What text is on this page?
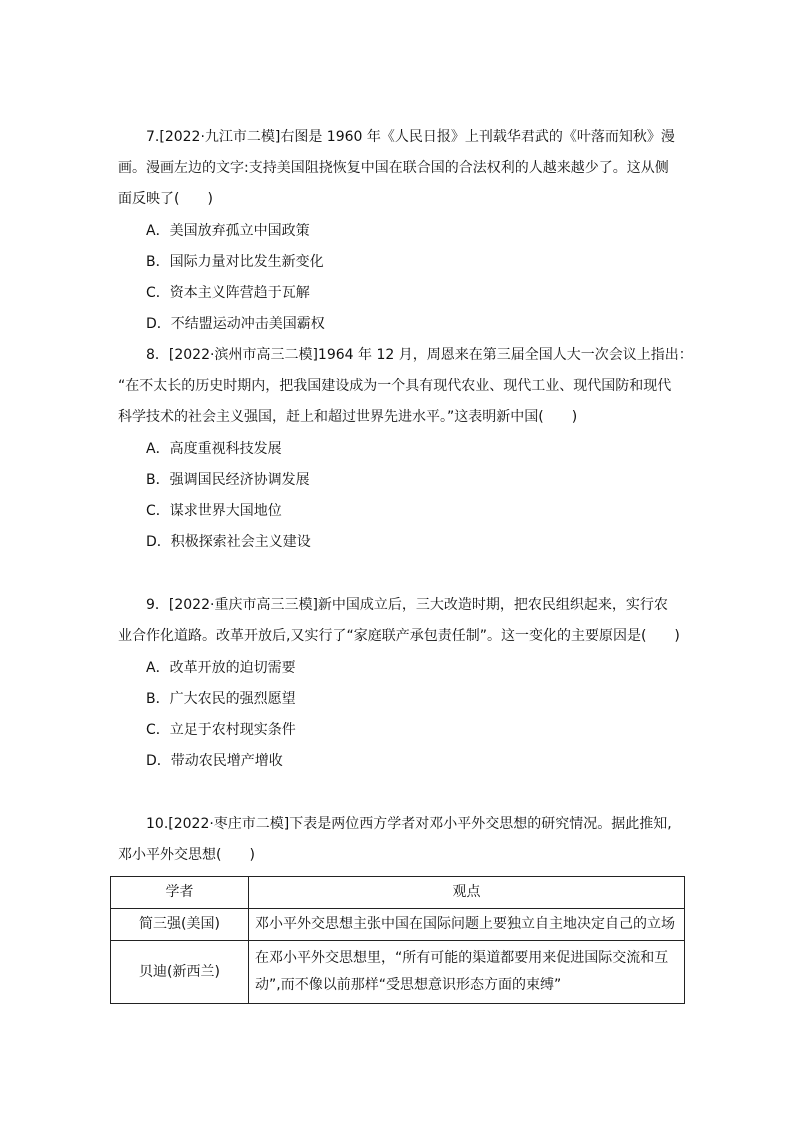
7.[2022·九江市二模]右图是 1960 年《人民日报》上刊载华君武的《叶落而知秋》漫
画。漫画左边的文字:支持美国阻挠恢复中国在联合国的合法权利的人越来越少了。这从侧
面反映了(　　)
A．美国放弃孤立中国政策
B．国际力量对比发生新变化
C．资本主义阵营趋于瓦解
D．不结盟运动冲击美国霸权
8．[2022·滨州市高三二模]1964 年 12 月，周恩来在第三届全国人大一次会议上指出：
“在不太长的历史时期内，把我国建设成为一个具有现代农业、现代工业、现代国防和现代
科学技术的社会主义强国，赶上和超过世界先进水平。”这表明新中国(　　)
A．高度重视科技发展
B．强调国民经济协调发展
C．谋求世界大国地位
D．积极探索社会主义建设
9．[2022·重庆市高三三模]新中国成立后，三大改造时期，把农民组织起来，实行农
业合作化道路。改革开放后,又实行了“家庭联产承包责任制”。这一变化的主要原因是(　　)
A．改革开放的迫切需要
B．广大农民的强烈愿望
C．立足于农村现实条件
D．带动农民增产增收
10.[2022·枣庄市二模]下表是两位西方学者对邓小平外交思想的研究情况。据此推知,
邓小平外交思想(　　)
学者	观点
简三强(美国)	邓小平外交思想主张中国在国际问题上要独立自主地决定自己的立场

贝迪(新西兰)	在邓小平外交思想里，“所有可能的渠道都要用来促进国际交流和互
动”,而不像以前那样“受思想意识形态方面的束缚”
